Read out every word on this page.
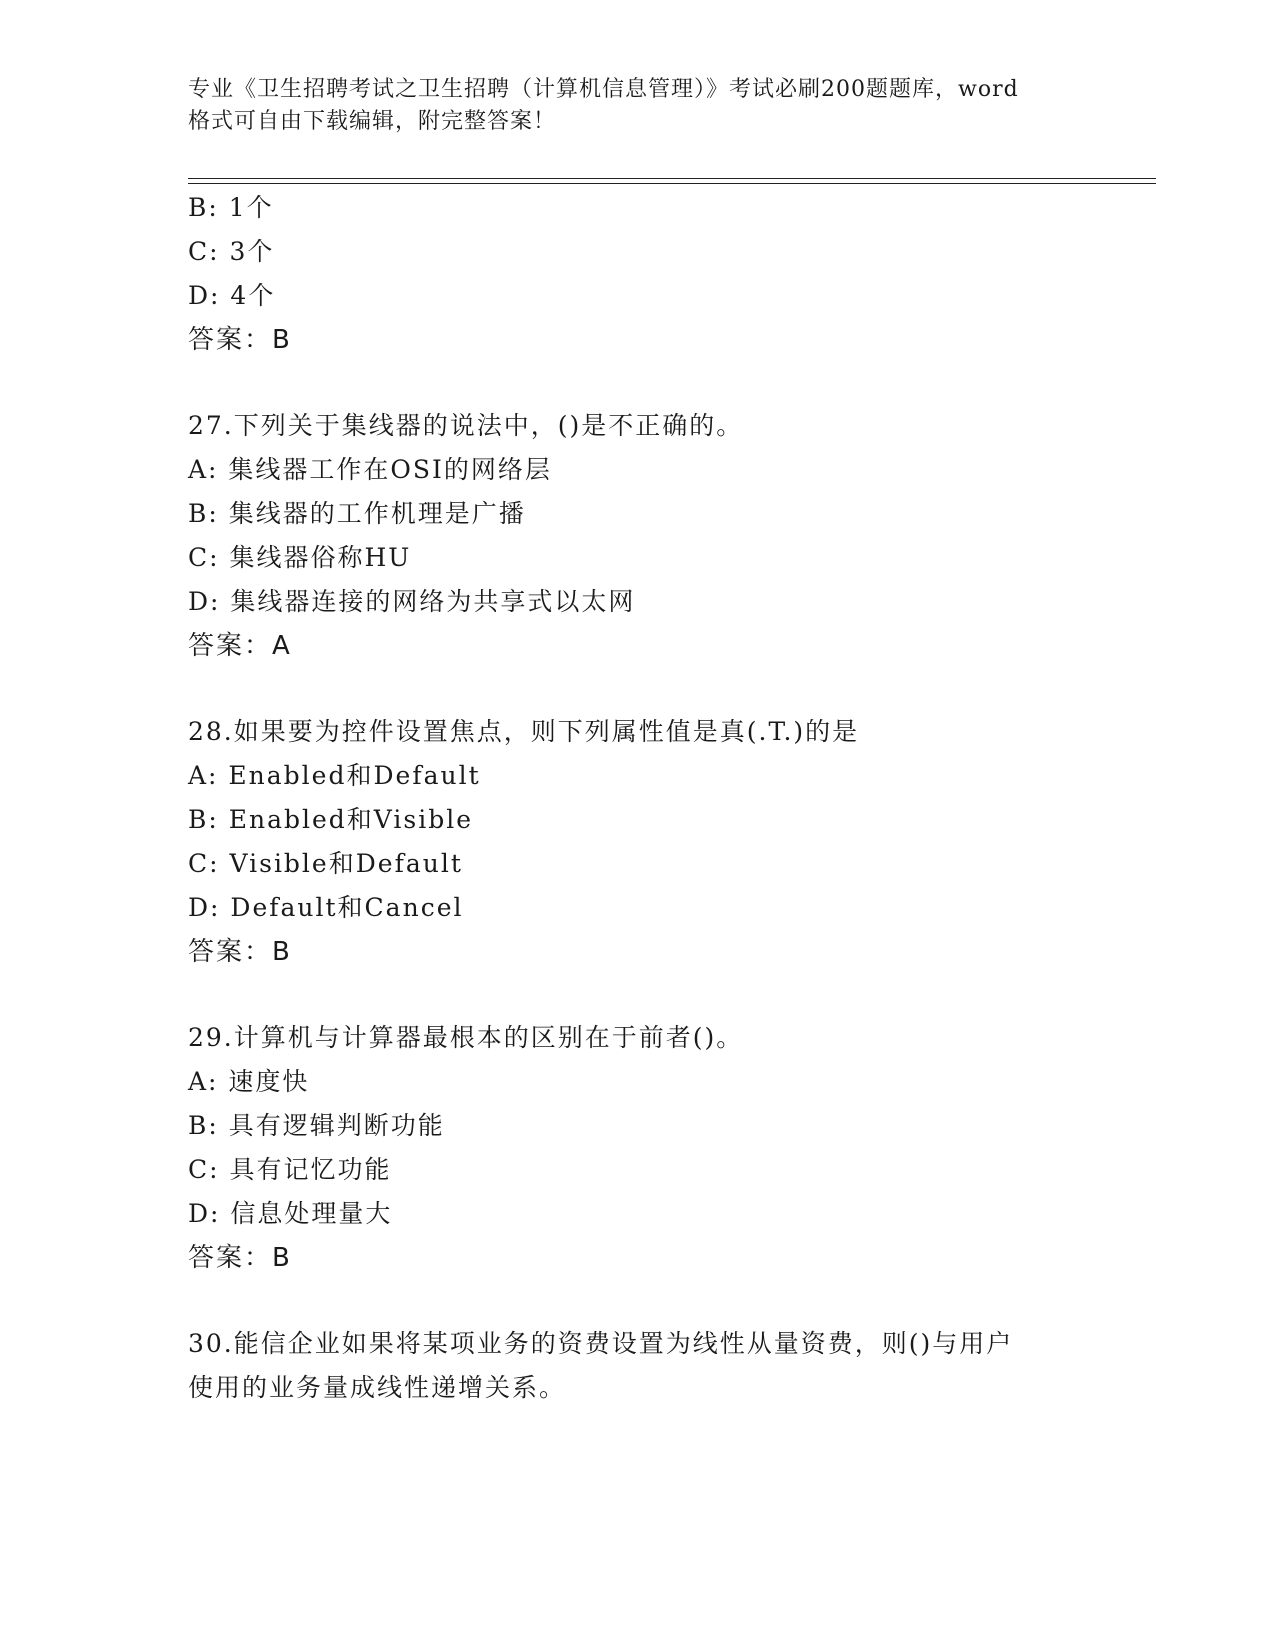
专业《卫生招聘考试之卫生招聘（计算机信息管理）》考试必刷200题题库，word
格式可自由下载编辑，附完整答案！
B: 1个
C: 3个
D: 4个
答案：B
27.下列关于集线器的说法中，()是不正确的。
A: 集线器工作在OSI的网络层
B: 集线器的工作机理是广播
C: 集线器俗称HU
D: 集线器连接的网络为共享式以太网
答案：A
28.如果要为控件设置焦点，则下列属性值是真(.T.)的是
A: Enabled和Default
B: Enabled和Visible
C: Visible和Default
D: Default和Cancel
答案：B
29.计算机与计算器最根本的区别在于前者()。
A: 速度快
B: 具有逻辑判断功能
C: 具有记忆功能
D: 信息处理量大
答案：B
30.能信企业如果将某项业务的资费设置为线性从量资费，则()与用户
使用的业务量成线性递增关系。
